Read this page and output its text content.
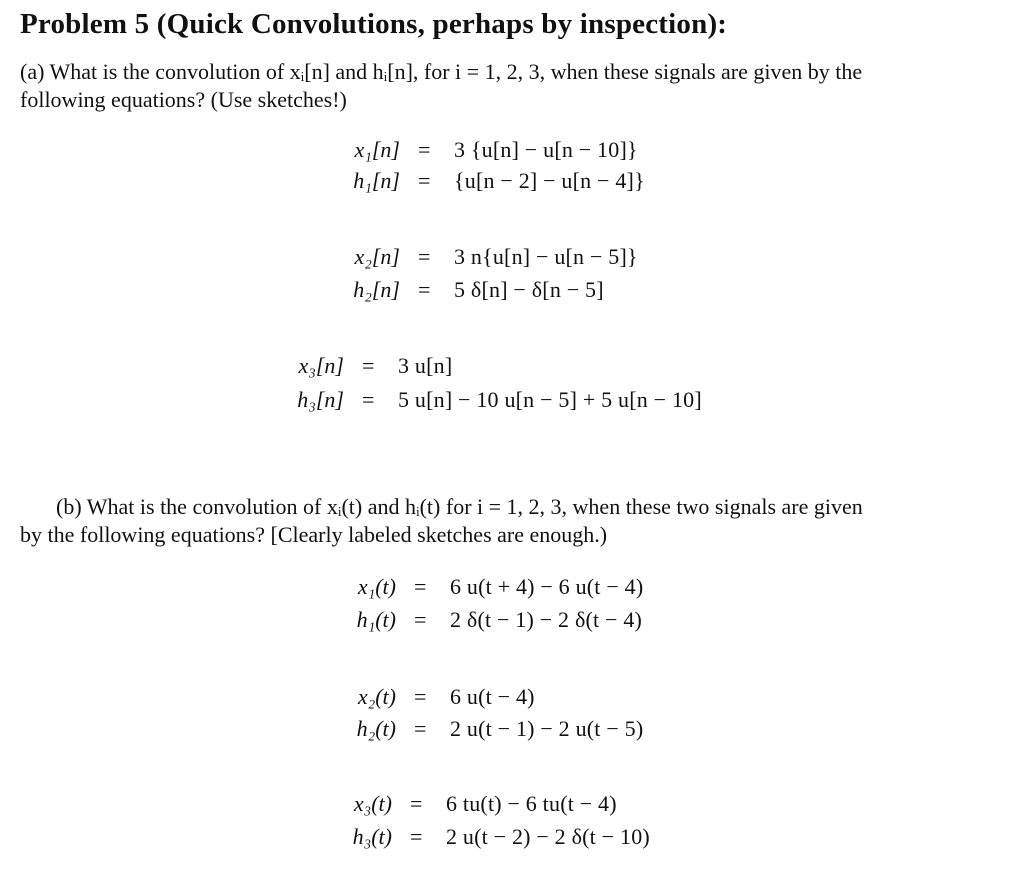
Problem 5 (Quick Convolutions, perhaps by inspection):
(a) What is the convolution of xᵢ[n] and hᵢ[n], for i = 1, 2, 3, when these signals are given by the
following equations? (Use sketches!)
x₁[n] = 3 {u[n] − u[n − 10]}
h₁[n] = {u[n − 2] − u[n − 4]}
x₂[n] = 3 n{u[n] − u[n − 5]}
h₂[n] = 5 δ[n] − δ[n − 5]
x₃[n] = 3 u[n]
h₃[n] = 5 u[n] − 10 u[n − 5] + 5 u[n − 10]
(b) What is the convolution of xᵢ(t) and hᵢ(t) for i = 1, 2, 3, when these two signals are given
by the following equations? [Clearly labeled sketches are enough.)
x₁(t) = 6 u(t + 4) − 6 u(t − 4)
h₁(t) = 2 δ(t − 1) − 2 δ(t − 4)
x₂(t) = 6 u(t − 4)
h₂(t) = 2 u(t − 1) − 2 u(t − 5)
x₃(t) = 6 tu(t) − 6 tu(t − 4)
h₃(t) = 2 u(t − 2) − 2 δ(t − 10)
